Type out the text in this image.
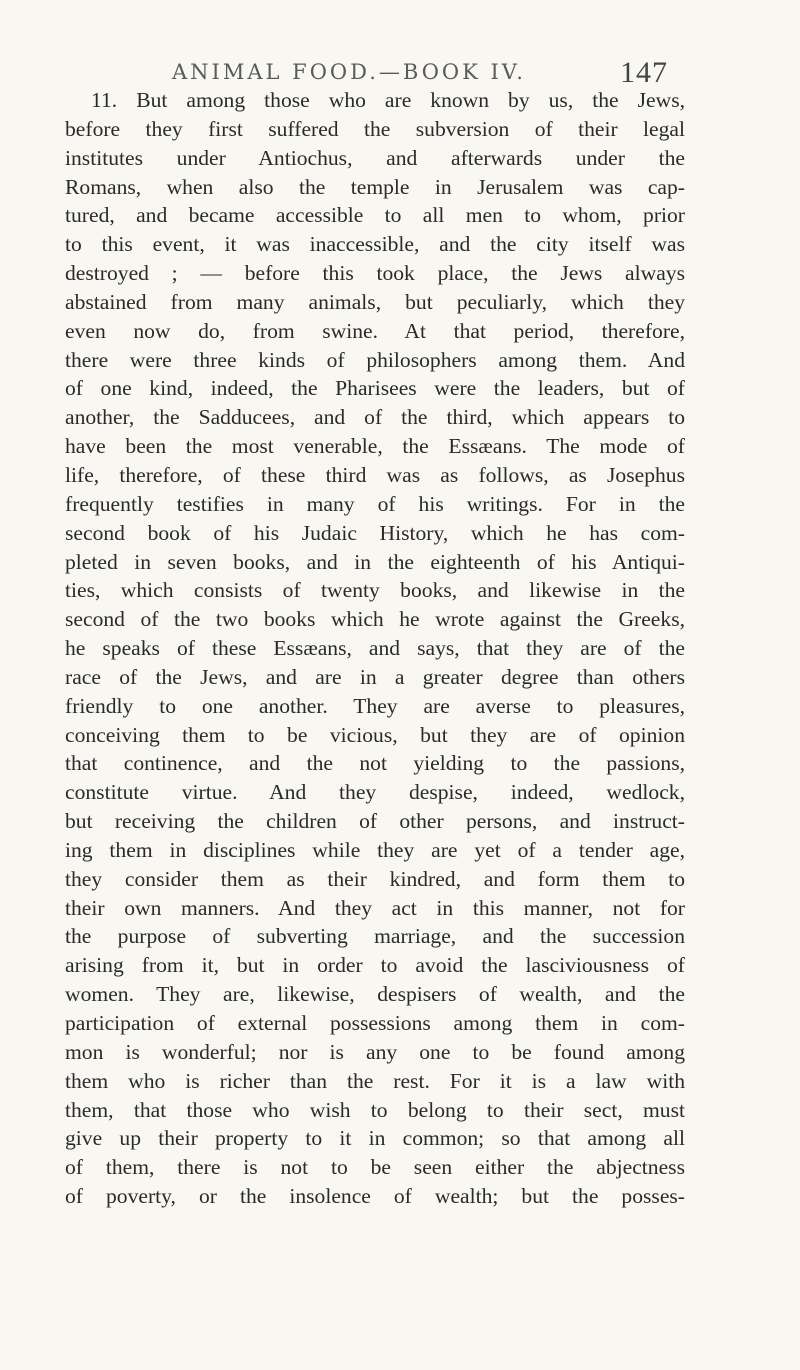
ANIMAL FOOD.—BOOK IV.	147
11. But among those who are known by us, the Jews,
before they first suffered the subversion of their legal
institutes under Antiochus, and afterwards under the
Romans, when also the temple in Jerusalem was cap-
tured, and became accessible to all men to whom, prior
to this event, it was inaccessible, and the city itself was
destroyed ; — before this took place, the Jews always
abstained from many animals, but peculiarly, which they
even now do, from swine. At that period, therefore,
there were three kinds of philosophers among them. And
of one kind, indeed, the Pharisees were the leaders, but of
another, the Sadducees, and of the third, which appears to
have been the most venerable, the Essæans. The mode of
life, therefore, of these third was as follows, as Josephus
frequently testifies in many of his writings. For in the
second book of his Judaic History, which he has com-
pleted in seven books, and in the eighteenth of his Antiqui-
ties, which consists of twenty books, and likewise in the
second of the two books which he wrote against the Greeks,
he speaks of these Essæans, and says, that they are of the
race of the Jews, and are in a greater degree than others
friendly to one another. They are averse to pleasures,
conceiving them to be vicious, but they are of opinion
that continence, and the not yielding to the passions,
constitute virtue. And they despise, indeed, wedlock,
but receiving the children of other persons, and instruct-
ing them in disciplines while they are yet of a tender age,
they consider them as their kindred, and form them to
their own manners. And they act in this manner, not for
the purpose of subverting marriage, and the succession
arising from it, but in order to avoid the lasciviousness of
women. They are, likewise, despisers of wealth, and the
participation of external possessions among them in com-
mon is wonderful; nor is any one to be found among
them who is richer than the rest. For it is a law with
them, that those who wish to belong to their sect, must
give up their property to it in common; so that among all
of them, there is not to be seen either the abjectness
of poverty, or the insolence of wealth; but the posses-
